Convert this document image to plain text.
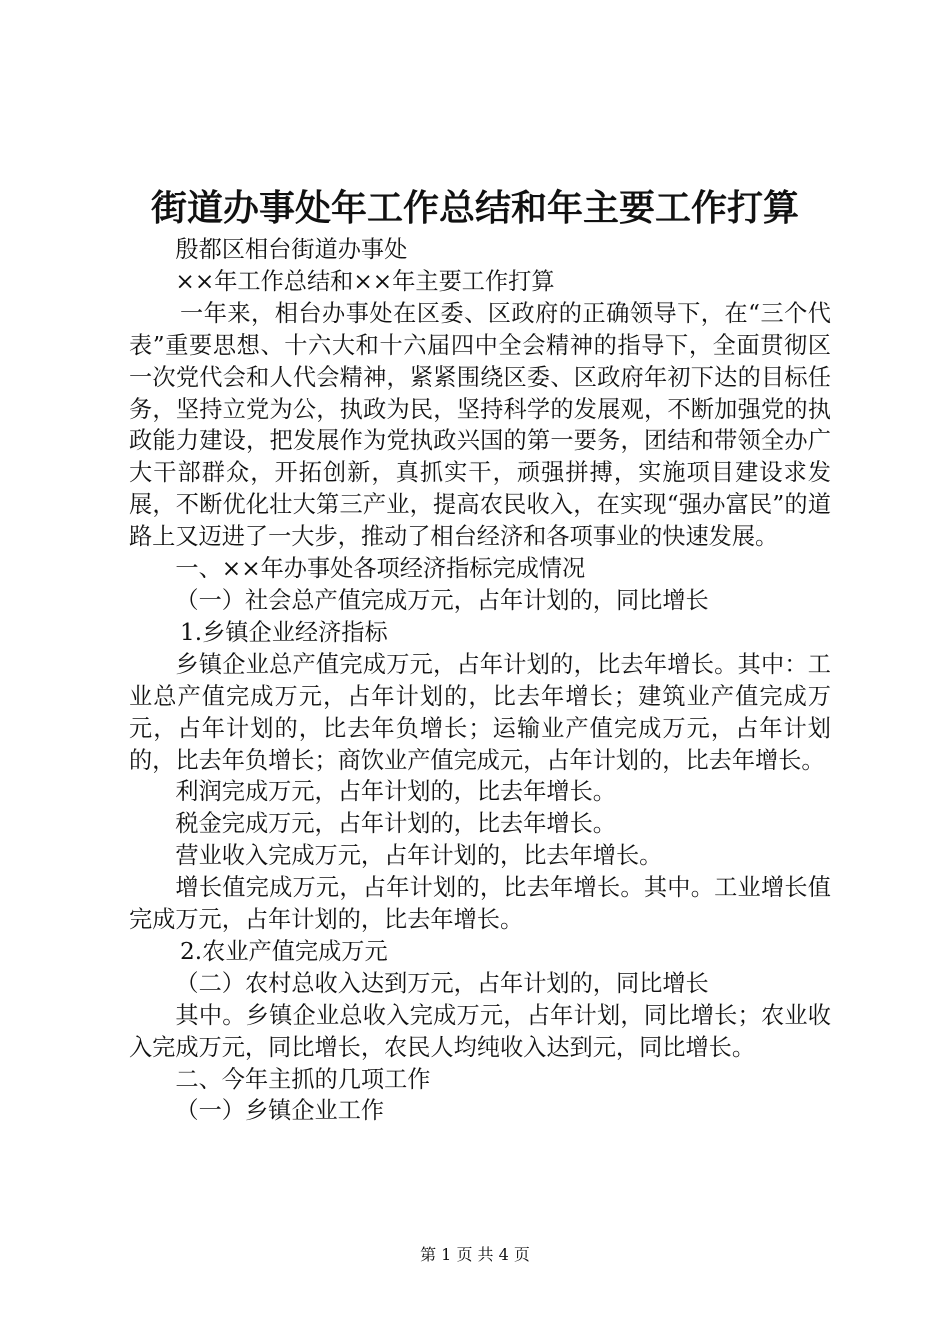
街道办事处年工作总结和年主要工作打算

殷都区相台街道办事处

××年工作总结和××年主要工作打算

一年来，相台办事处在区委、区政府的正确领导下，在“三个代表”重要思想、十六大和十六届四中全会精神的指导下，全面贯彻区一次党代会和人代会精神，紧紧围绕区委、区政府年初下达的目标任务，坚持立党为公，执政为民，坚持科学的发展观，不断加强党的执政能力建设，把发展作为党执政兴国的第一要务，团结和带领全办广大干部群众，开拓创新，真抓实干，顽强拼搏，实施项目建设求发展，不断优化壮大第三产业，提高农民收入，在实现“强办富民”的道路上又迈进了一大步，推动了相台经济和各项事业的快速发展。

一、××年办事处各项经济指标完成情况

（一）社会总产值完成万元，占年计划的，同比增长

1.乡镇企业经济指标

乡镇企业总产值完成万元，占年计划的，比去年增长。其中：工业总产值完成万元，占年计划的，比去年增长；建筑业产值完成万元，占年计划的，比去年负增长；运输业产值完成万元，占年计划的，比去年负增长；商饮业产值完成元，占年计划的，比去年增长。

利润完成万元，占年计划的，比去年增长。

税金完成万元，占年计划的，比去年增长。

营业收入完成万元，占年计划的，比去年增长。

增长值完成万元，占年计划的，比去年增长。其中。工业增长值完成万元，占年计划的，比去年增长。

2.农业产值完成万元

（二）农村总收入达到万元，占年计划的，同比增长

其中。乡镇企业总收入完成万元，占年计划，同比增长；农业收入完成万元，同比增长，农民人均纯收入达到元，同比增长。

二、今年主抓的几项工作

（一）乡镇企业工作

第 1 页 共 4 页
